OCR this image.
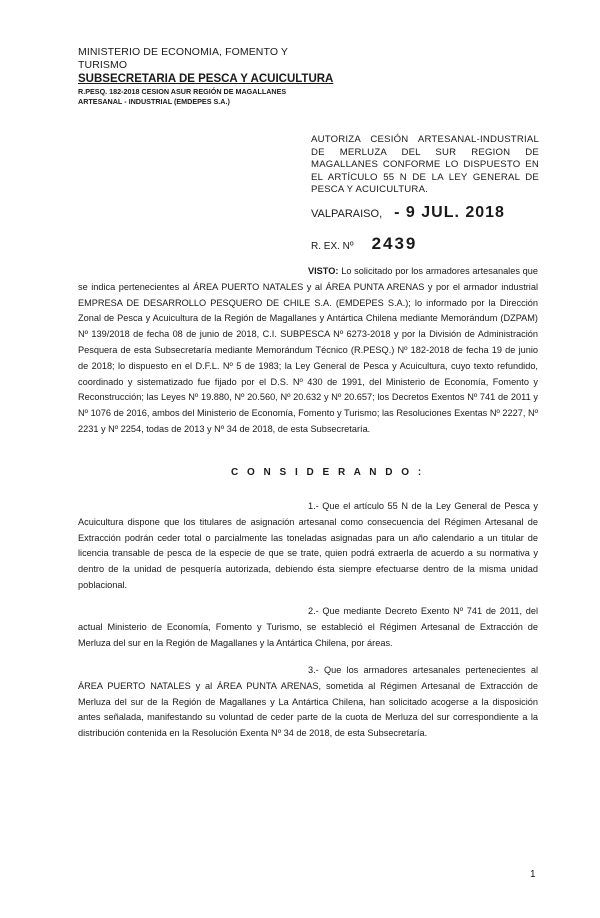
MINISTERIO DE ECONOMIA, FOMENTO Y TURISMO
SUBSECRETARIA DE PESCA Y ACUICULTURA
R.PESQ. 182-2018 CESION ASUR REGIÓN DE MAGALLANES
ARTESANAL - INDUSTRIAL (EMDEPES S.A.)
AUTORIZA CESIÓN ARTESANAL-INDUSTRIAL DE MERLUZA DEL SUR REGION DE MAGALLANES CONFORME LO DISPUESTO EN EL ARTÍCULO 55 N DE LA LEY GENERAL DE PESCA Y ACUICULTURA.
VALPARAISO, - 9 JUL. 2018
R. EX. Nº 2439
VISTO: Lo solicitado por los armadores artesanales que se indica pertenecientes al ÁREA PUERTO NATALES y al ÁREA PUNTA ARENAS y por el armador industrial EMPRESA DE DESARROLLO PESQUERO DE CHILE S.A. (EMDEPES S.A.); lo informado por la Dirección Zonal de Pesca y Acuicultura de la Región de Magallanes y Antártica Chilena mediante Memorándum (DZPAM) Nº 139/2018 de fecha 08 de junio de 2018, C.I. SUBPESCA Nº 6273-2018 y por la División de Administración Pesquera de esta Subsecretaría mediante Memorándum Técnico (R.PESQ.) Nº 182-2018 de fecha 19 de junio de 2018; lo dispuesto en el D.F.L. Nº 5 de 1983; la Ley General de Pesca y Acuicultura, cuyo texto refundido, coordinado y sistematizado fue fijado por el D.S. Nº 430 de 1991, del Ministerio de Economía, Fomento y Reconstrucción; las Leyes Nº 19.880, Nº 20.560, Nº 20.632 y Nº 20.657; los Decretos Exentos Nº 741 de 2011 y Nº 1076 de 2016, ambos del Ministerio de Economía, Fomento y Turismo; las Resoluciones Exentas Nº 2227, Nº 2231 y Nº 2254, todas de 2013 y Nº 34 de 2018, de esta Subsecretaría.
C O N S I D E R A N D O :
1.- Que el artículo 55 N de la Ley General de Pesca y Acuicultura dispone que los titulares de asignación artesanal como consecuencia del Régimen Artesanal de Extracción podrán ceder total o parcialmente las toneladas asignadas para un año calendario a un titular de licencia transable de pesca de la especie de que se trate, quien podrá extraerla de acuerdo a su normativa y dentro de la unidad de pesquería autorizada, debiendo ésta siempre efectuarse dentro de la misma unidad poblacional.
2.- Que mediante Decreto Exento Nº 741 de 2011, del actual Ministerio de Economía, Fomento y Turismo, se estableció el Régimen Artesanal de Extracción de Merluza del sur en la Región de Magallanes y la Antártica Chilena, por áreas.
3.- Que los armadores artesanales pertenecientes al ÁREA PUERTO NATALES y al ÁREA PUNTA ARENAS, sometida al Régimen Artesanal de Extracción de Merluza del sur de la Región de Magallanes y La Antártica Chilena, han solicitado acogerse a la disposición antes señalada, manifestando su voluntad de ceder parte de la cuota de Merluza del sur correspondiente a la distribución contenida en la Resolución Exenta Nº 34 de 2018, de esta Subsecretaría.
1
